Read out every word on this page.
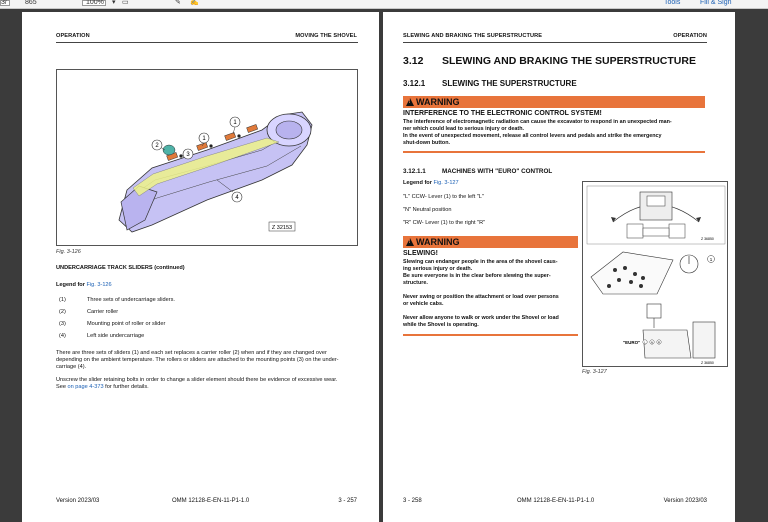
3/	865	100% ▾ ▭	✎ ✍	Tools	Fill & Sign
OPERATION	MOVING THE SHOVEL
2
3
1
1
4
Z 32153
Fig. 3-126
UNDERCARRIAGE TRACK SLIDERS (continued)
Legend for Fig. 3-126
(1)	Three sets of undercarriage sliders.
(2)	Carrier roller
(3)	Mounting point of roller or slider
(4)	Left side undercarriage
There are three sets of sliders (1) and each set replaces a carrier roller (2) when and if they are changed over
depending on the ambient temperature. The rollers or sliders are attached to the mounting points (3) on the under-
carriage (4).
Unscrew the slider retaining bolts in order to change a slider element should there be evidence of excessive wear.
See on page 4-373 for further details.
Version 2023/03	OMM 12128-E-EN-11-P1-1.0	3 - 257
SLEWING AND BRAKING THE SUPERSTRUCTURE	OPERATION
3.12 SLEWING AND BRAKING THE SUPERSTRUCTURE
3.12.1 SLEWING THE SUPERSTRUCTURE
!WARNING
INTERFERENCE TO THE ELECTRONIC CONTROL SYSTEM!
The interference of electromagnetic radiation can cause the excavator to respond in an unexpected man-
ner which could lead to serious injury or death.
In the event of unexpected movement, release all control levers and pedals and strike the emergency
shut-down button.
3.12.1.1	MACHINES WITH "EURO" CONTROL
Legend for Fig. 3-127
"L" CCW- Lever (1) to the left "L"
"N" Neutral position
"R" CW- Lever (1) to the right "R"
!WARNING
SLEWING!
Slewing can endanger people in the area of the shovel caus-
ing serious injury or death.
Be sure everyone is in the clear before slewing the super-
structure.
Never swing or position the attachment or load over persons
or vehicle cabs.
Never allow anyone to walk or work under the Shovel or load
while the Shovel is operating.
Z 36850
1
"EURO" L N R
Z 36850
Fig. 3-127
3 - 258	OMM 12128-E-EN-11-P1-1.0	Version 2023/03
